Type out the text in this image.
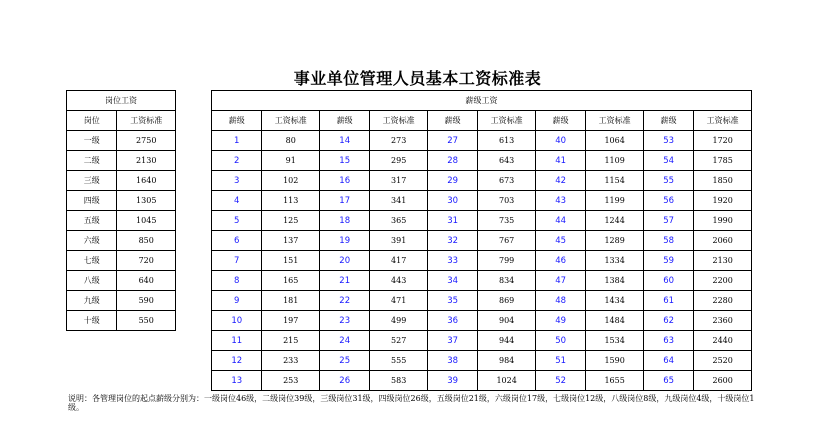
事业单位管理人员基本工资标准表
岗位工资	
岗位	工资标准
一级	2750
二级	2130
三级	1640
四级	1305
五级	1045
六级	850
七级	720
八级	640
九级	590
十级	550
薪级工资									
薪级	工资标准	薪级	工资标准	薪级	工资标准	薪级	工资标准	薪级	工资标准
1	80	14	273	27	613	40	1064	53	1720
2	91	15	295	28	643	41	1109	54	1785
3	102	16	317	29	673	42	1154	55	1850
4	113	17	341	30	703	43	1199	56	1920
5	125	18	365	31	735	44	1244	57	1990
6	137	19	391	32	767	45	1289	58	2060
7	151	20	417	33	799	46	1334	59	2130
8	165	21	443	34	834	47	1384	60	2200
9	181	22	471	35	869	48	1434	61	2280
10	197	23	499	36	904	49	1484	62	2360
11	215	24	527	37	944	50	1534	63	2440
12	233	25	555	38	984	51	1590	64	2520
13	253	26	583	39	1024	52	1655	65	2600
说明：各管理岗位的起点薪级分别为：一级岗位46级，二级岗位39级，三级岗位31级，四级岗位26级，五级岗位21级，六级岗位17级，七级岗位12级，八级岗位8级，九级岗位4级，十级岗位1级。
